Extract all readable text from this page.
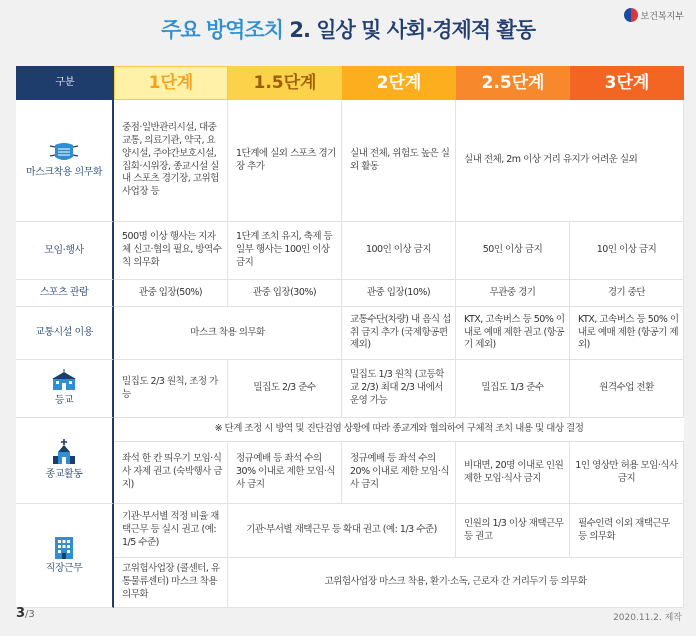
주요 방역조치 2. 일상 및 사회·경제적 활동
보건복지부
구분	1단계	1.5단계	2단계	2.5단계	3단계

마스크착용 의무화	중점·일반관리시설, 대중교통, 의료기관, 약국, 요양시설, 주야간보호시설, 집회·시위장, 종교시설 실내 스포츠 경기장, 고위험 사업장 등	1단계에 실외 스포츠 경기장 추가	실내 전체, 위험도 높은 실외 활동	실내 전체, 2m 이상 거리 유지가 어려운 실외	
모임·행사	500명 이상 행사는 지자체 신고·협의 필요, 방역수칙 의무화	1단계 조치 유지, 축제 등 일부 행사는 100인 이상 금지	100인 이상 금지	50인 이상 금지	10인 이상 금지
스포츠 관람	관중 입장(50%)	관중 입장(30%)	관중 입장(10%)	무관중 경기	경기 중단
교통시설 이용	마스크 착용 의무화		교통수단(차량) 내 음식 섭취 금지 추가 (국제항공편 제외)	KTX, 고속버스 등 50% 이내로 예매 제한 권고 (항공기 제외)	KTX, 고속버스 등 50% 이내로 예매 제한 (항공기 제외)

등교	밀집도 2/3 원칙, 조정 가능	밀집도 2/3 준수	밀집도 1/3 원칙 (고등학교 2/3) 최대 2/3 내에서 운영 가능	밀집도 1/3 준수	원격수업 전환

종교활동	※ 단계 조정 시 방역 및 진단검염 상황에 따라 종교계와 협의하여 구체적 조치 내용 및 대상 결정				
	좌석 한 칸 띄우기 모임·식사 자제 권고 (숙박행사 금지)	정규예배 등 좌석 수의 30% 이내로 제한 모임·식사 금지	정규예배 등 좌석 수의 20% 이내로 제한 모임·식사 금지	비대면, 20명 이내로 인원 제한 모임·식사 금지	1인 영상만 허용 모임·식사 금지

직장근무	기관·부서별 적정 비율 재택근무 등 실시 권고 (예: 1/5 수준)	기관·부서별 재택근무 등 확대 권고 (예: 1/3 수준)		인원의 1/3 이상 재택근무 등 권고	필수인력 이외 재택근무 등 의무화
	고위험사업장 (콜센터, 유통물류센터) 마스크 착용 의무화	고위험사업장 마스크 착용, 환기·소독, 근로자 간 거리두기 등 의무화			
3/3	2020.11.2. 제작
